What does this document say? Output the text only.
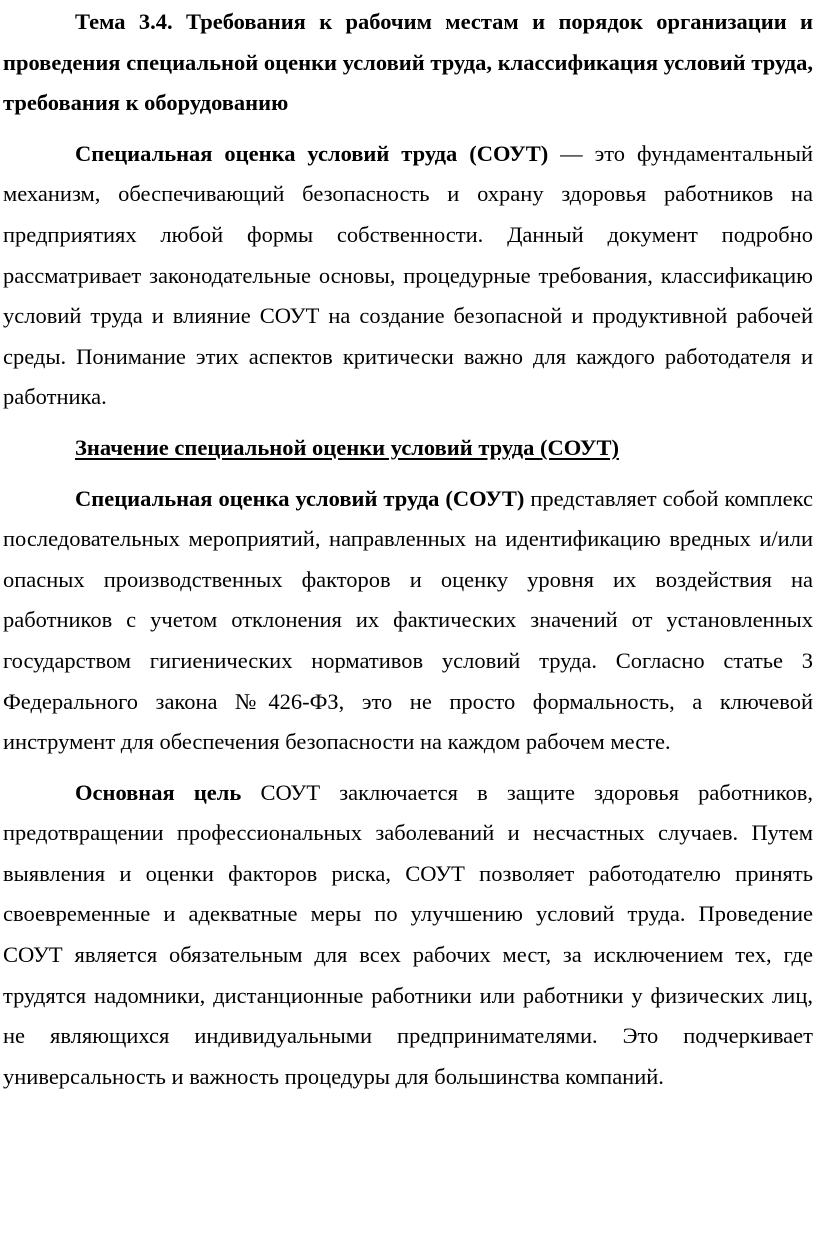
Тема 3.4. Требования к рабочим местам и порядок организации и проведения специальной оценки условий труда, классификация условий труда, требования к оборудованию

Специальная оценка условий труда (СОУТ) — это фундаментальный механизм, обеспечивающий безопасность и охрану здоровья работников на предприятиях любой формы собственности. Данный документ подробно рассматривает законодательные основы, процедурные требования, классификацию условий труда и влияние СОУТ на создание безопасной и продуктивной рабочей среды. Понимание этих аспектов критически важно для каждого работодателя и работника.

Значение специальной оценки условий труда (СОУТ)

Специальная оценка условий труда (СОУТ) представляет собой комплекс последовательных мероприятий, направленных на идентификацию вредных и/или опасных производственных факторов и оценку уровня их воздействия на работников с учетом отклонения их фактических значений от установленных государством гигиенических нормативов условий труда. Согласно статье 3 Федерального закона №426-ФЗ, это не просто формальность, а ключевой инструмент для обеспечения безопасности на каждом рабочем месте.

Основная цель СОУТ заключается в защите здоровья работников, предотвращении профессиональных заболеваний и несчастных случаев. Путем выявления и оценки факторов риска, СОУТ позволяет работодателю принять своевременные и адекватные меры по улучшению условий труда. Проведение СОУТ является обязательным для всех рабочих мест, за исключением тех, где трудятся надомники, дистанционные работники или работники у физических лиц, не являющихся индивидуальными предпринимателями. Это подчеркивает универсальность и важность процедуры для большинства компаний.
